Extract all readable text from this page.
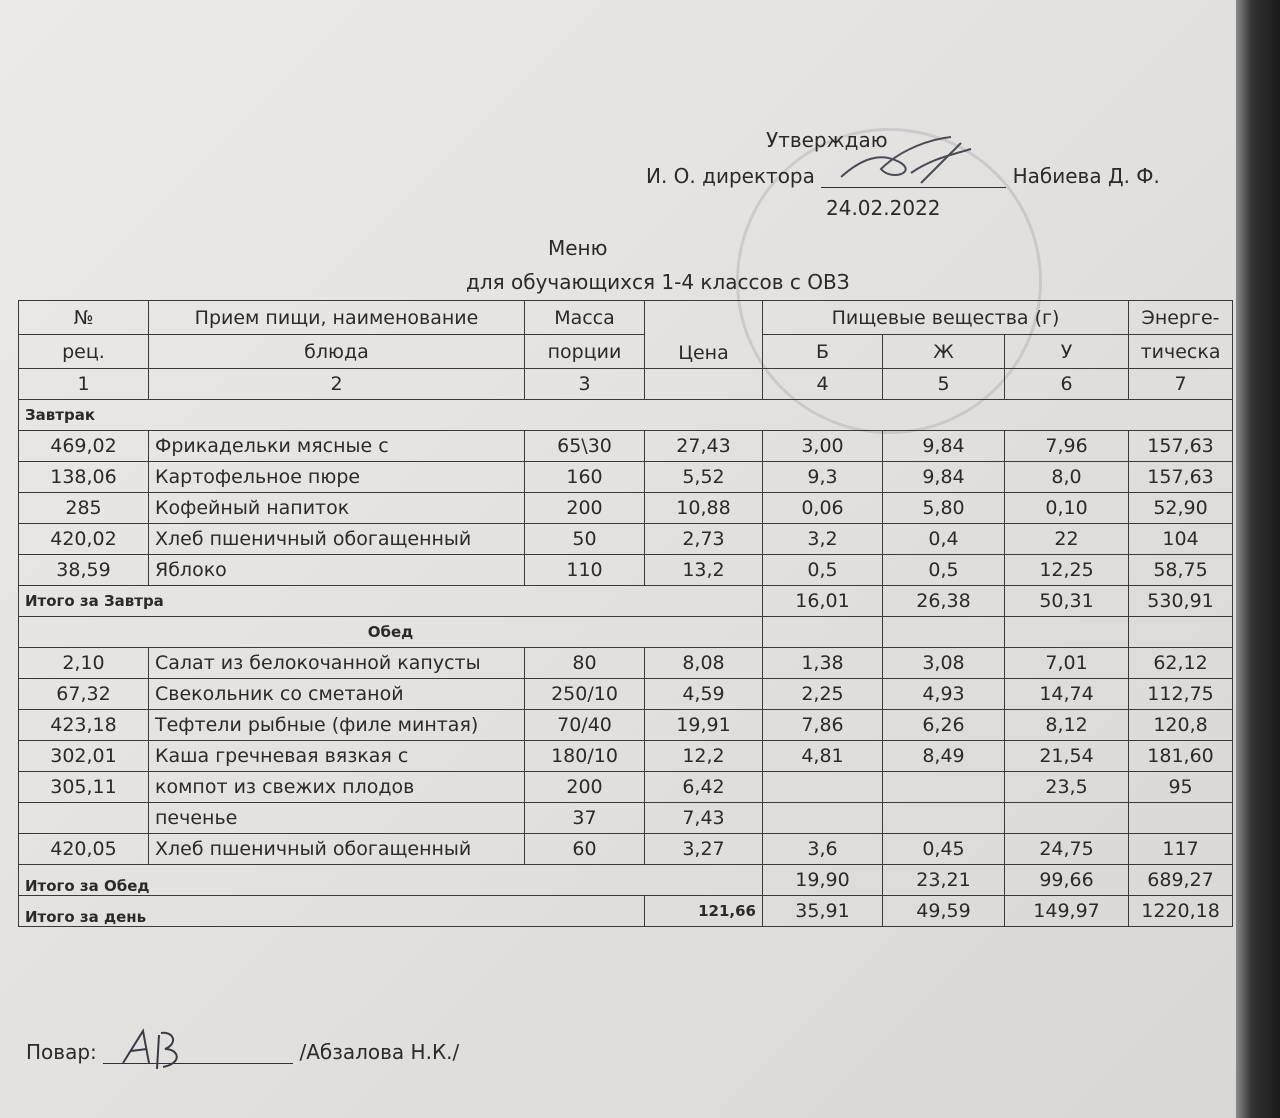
Утверждаю
И. О. директора	Набиева Д. Ф.
24.02.2022
Меню
для обучающихся 1-4 классов с ОВЗ
№	Прием пищи, наименование	Масса	Цена	Пищевые вещества (г)			Энерге-
рец.	блюда	порции		Б	Ж	У	тическа
1	2	3		4	5	6	7
Завтрак							
469,02	Фрикадельки мясные с	65\30	27,43	3,00	9,84	7,96	157,63
138,06	Картофельное пюре	160	5,52	9,3	9,84	8,0	157,63
285	Кофейный напиток	200	10,88	0,06	5,80	0,10	52,90
420,02	Хлеб пшеничный обогащенный	50	2,73	3,2	0,4	22	104
38,59	Яблоко	110	13,2	0,5	0,5	12,25	58,75
Итого за Завтра				16,01	26,38	50,31	530,91
Обед							
2,10	Салат из белокочанной капусты	80	8,08	1,38	3,08	7,01	62,12
67,32	Свекольник со сметаной	250/10	4,59	2,25	4,93	14,74	112,75
423,18	Тефтели рыбные (филе минтая)	70/40	19,91	7,86	6,26	8,12	120,8
302,01	Каша гречневая вязкая с	180/10	12,2	4,81	8,49	21,54	181,60
305,11	компот из свежих плодов	200	6,42			23,5	95
	печенье	37	7,43				
420,05	Хлеб пшеничный обогащенный	60	3,27	3,6	0,45	24,75	117
Итого за Обед				19,90	23,21	99,66	689,27
Итого за день			121,66	35,91	49,59	149,97	1220,18
Повар:	/Абзалова Н.К./
